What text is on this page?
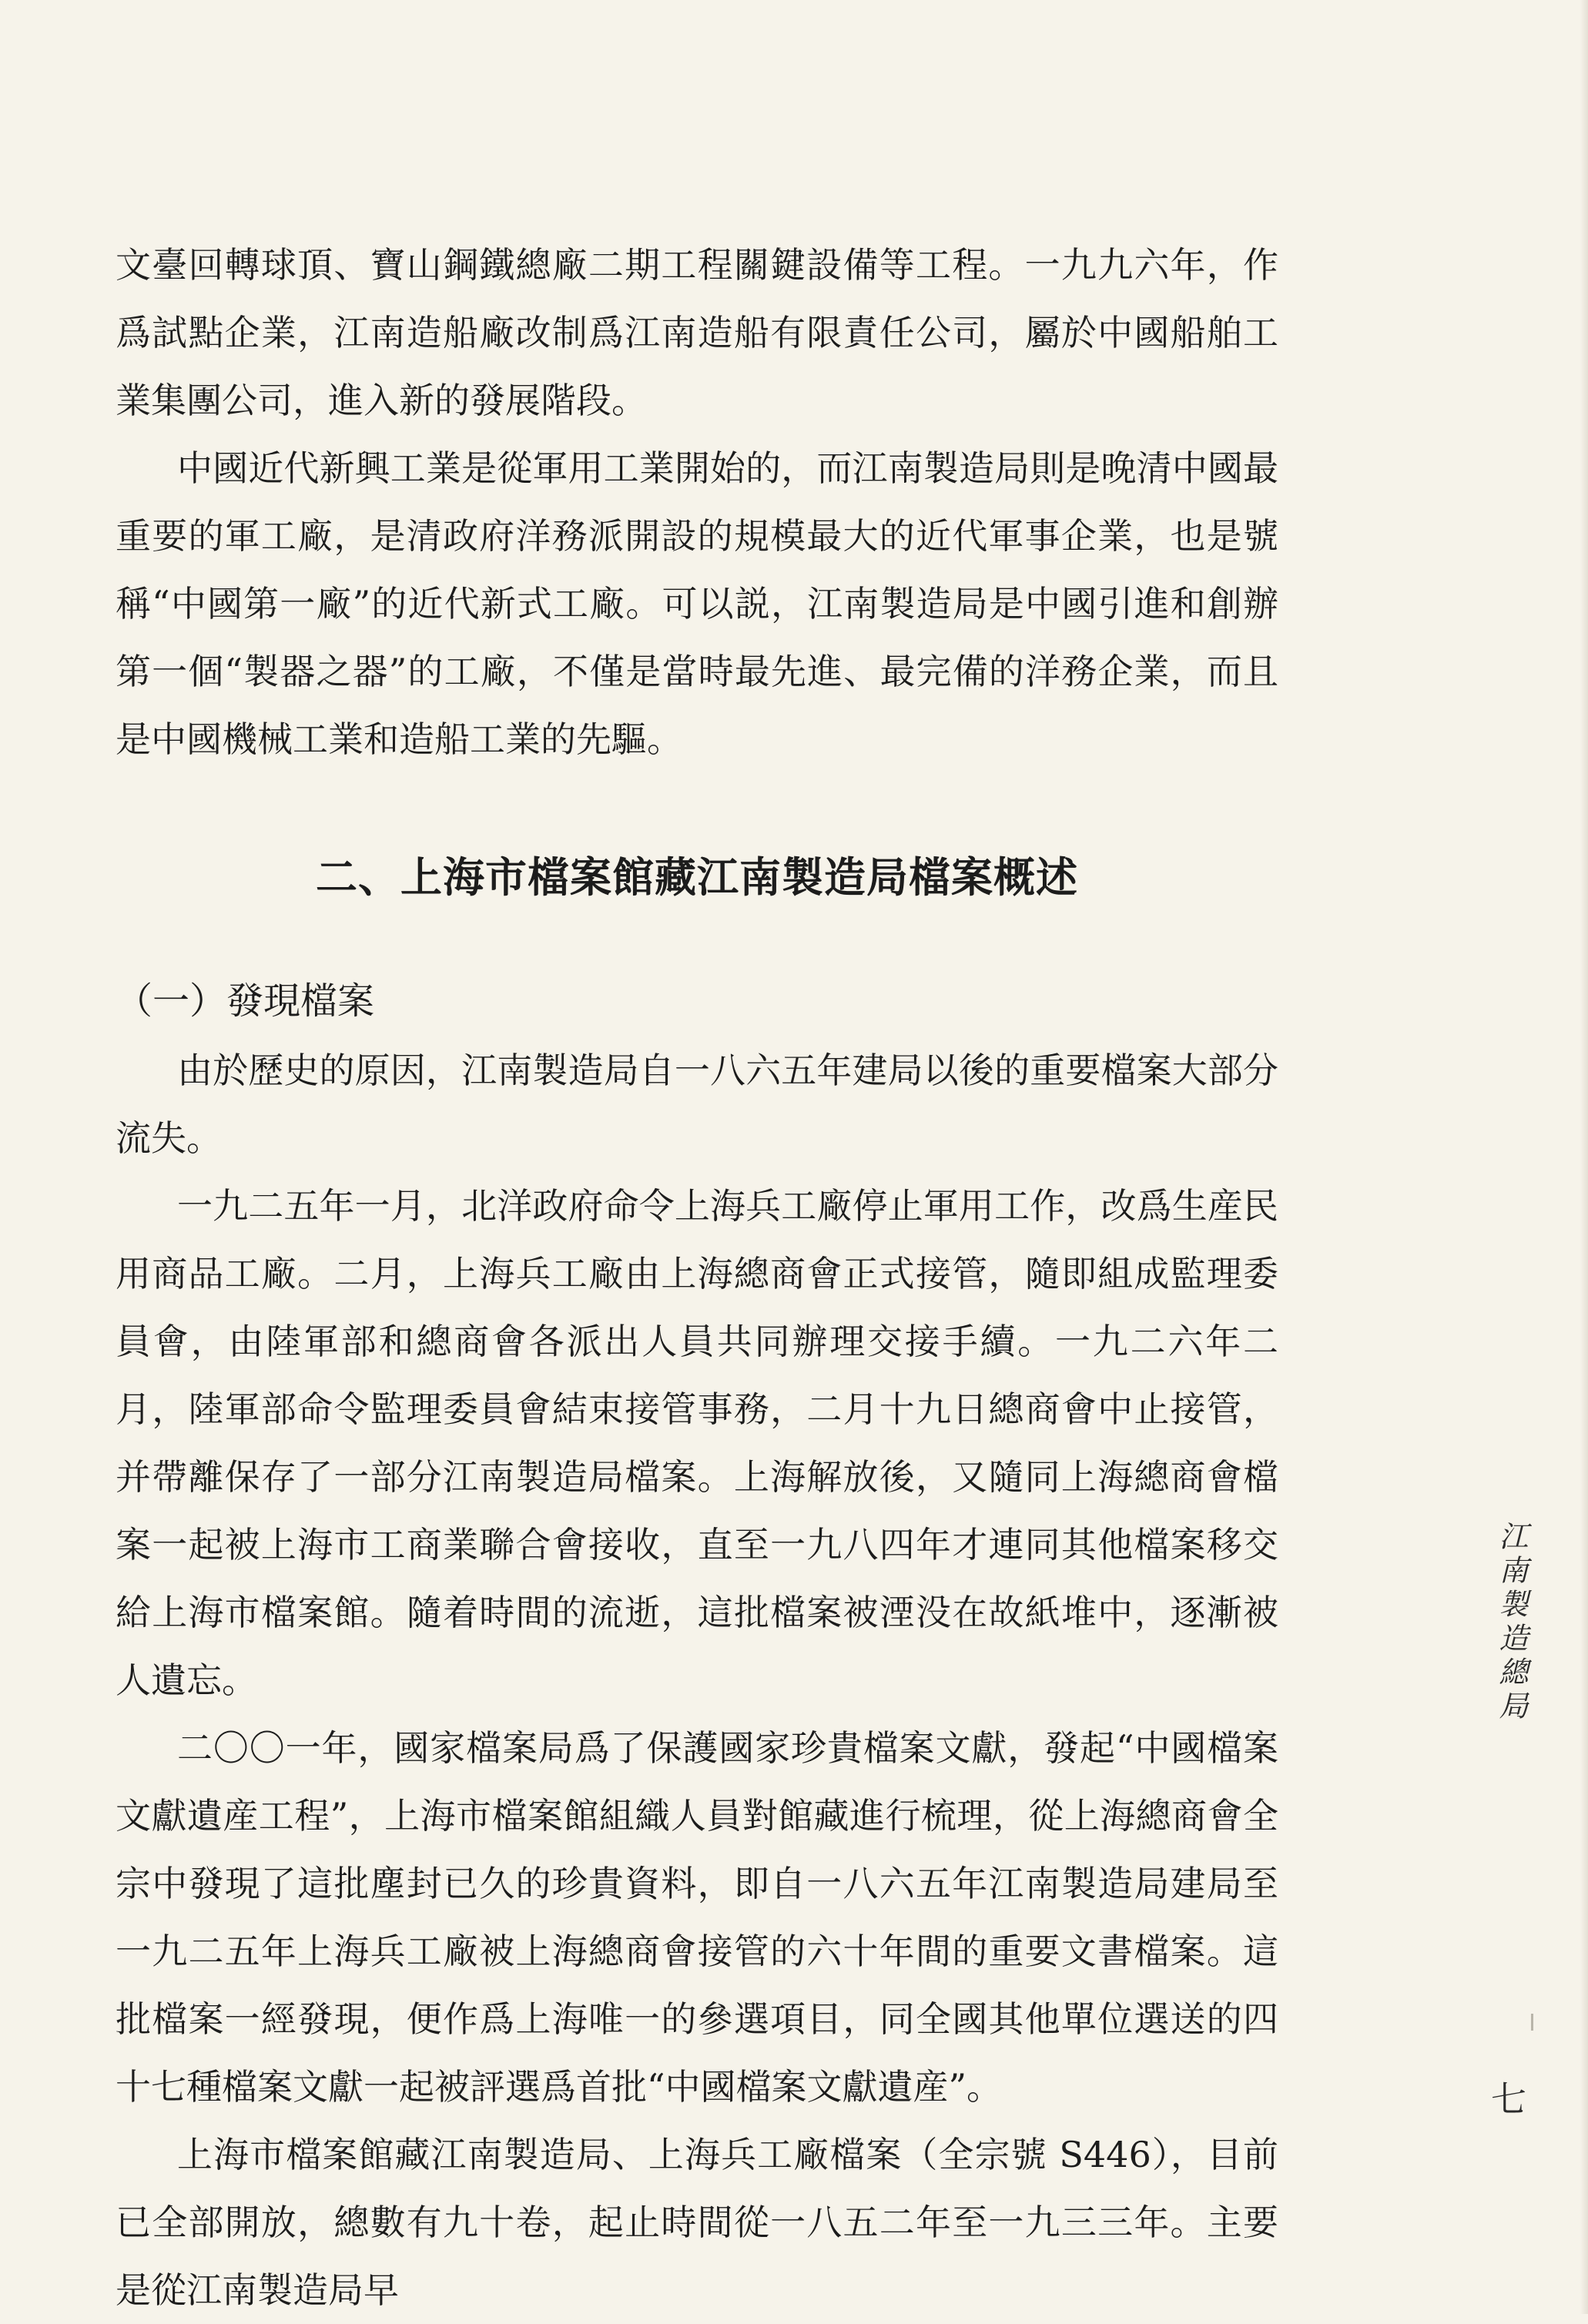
文臺回轉球頂、寶山鋼鐵總廠二期工程關鍵設備等工程。一九九六年，作爲試點企業，江南造船廠改制爲江南造船有限責任公司，屬於中國船舶工業集團公司，進入新的發展階段。

中國近代新興工業是從軍用工業開始的，而江南製造局則是晚清中國最重要的軍工廠，是清政府洋務派開設的規模最大的近代軍事企業，也是號稱“中國第一廠”的近代新式工廠。可以説，江南製造局是中國引進和創辦第一個“製器之器”的工廠，不僅是當時最先進、最完備的洋務企業，而且是中國機械工業和造船工業的先驅。

二、上海市檔案館藏江南製造局檔案概述

（一）發現檔案

由於歷史的原因，江南製造局自一八六五年建局以後的重要檔案大部分流失。

一九二五年一月，北洋政府命令上海兵工廠停止軍用工作，改爲生産民用商品工廠。二月，上海兵工廠由上海總商會正式接管，隨即組成監理委員會，由陸軍部和總商會各派出人員共同辦理交接手續。一九二六年二月，陸軍部命令監理委員會結束接管事務，二月十九日總商會中止接管，并帶離保存了一部分江南製造局檔案。上海解放後，又隨同上海總商會檔案一起被上海市工商業聯合會接收，直至一九八四年才連同其他檔案移交給上海市檔案館。隨着時間的流逝，這批檔案被湮没在故紙堆中，逐漸被人遺忘。

二〇〇一年，國家檔案局爲了保護國家珍貴檔案文獻，發起“中國檔案文獻遺産工程”，上海市檔案館組織人員對館藏進行梳理，從上海總商會全宗中發現了這批塵封已久的珍貴資料，即自一八六五年江南製造局建局至一九二五年上海兵工廠被上海總商會接管的六十年間的重要文書檔案。這批檔案一經發現，便作爲上海唯一的參選項目，同全國其他單位選送的四十七種檔案文獻一起被評選爲首批“中國檔案文獻遺産”。

上海市檔案館藏江南製造局、上海兵工廠檔案（全宗號 S446），目前已全部開放，總數有九十卷，起止時間從一八五二年至一九三三年。主要是從江南製造局早

江南製造總局
七
